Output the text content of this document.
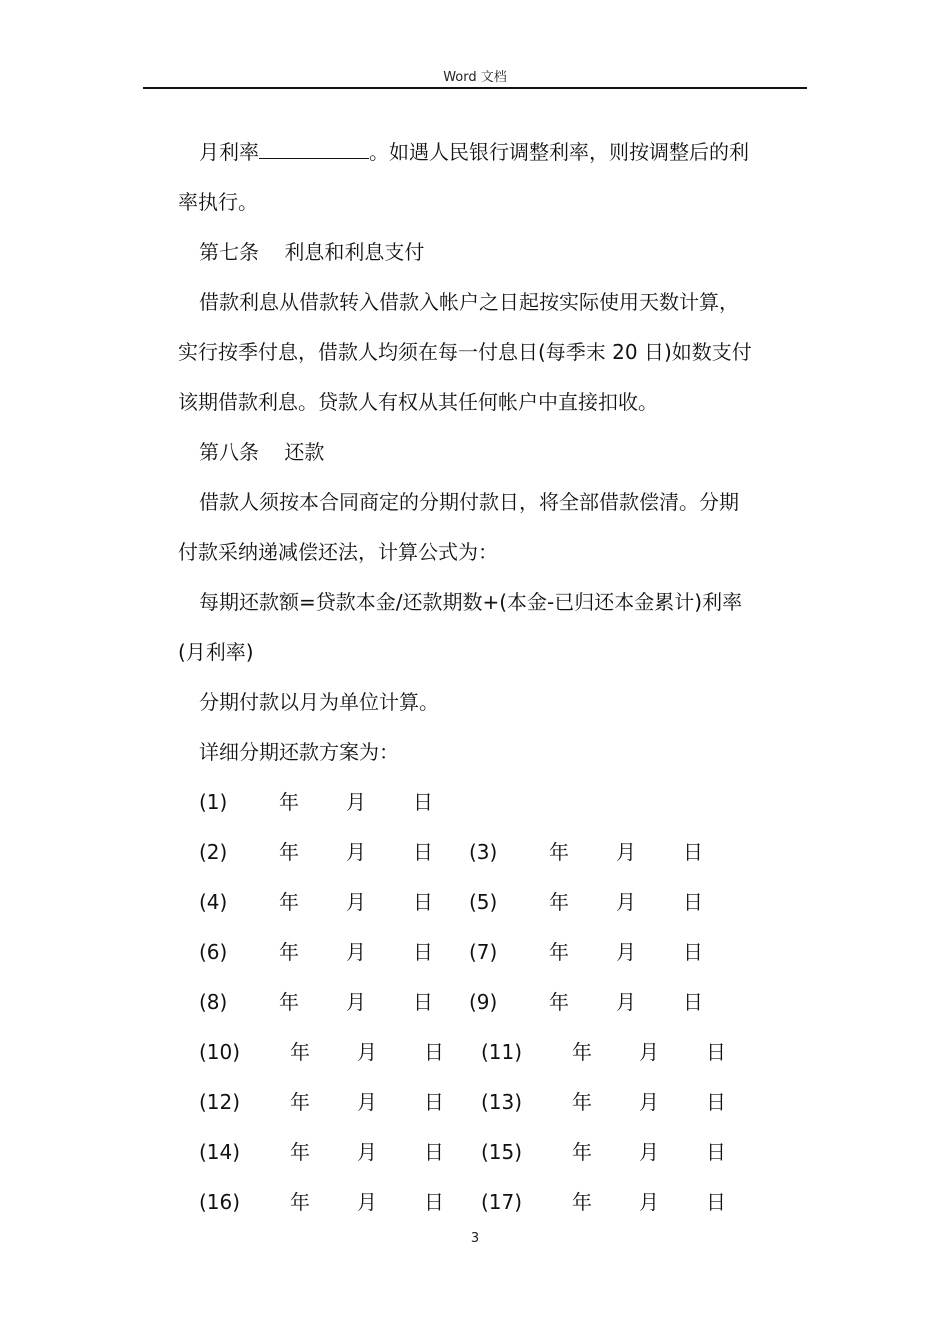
Word 文档

月利率	。如遇人民银行调整利率，则按调整后的利

率执行。

第七条    利息和利息支付

借款利息从借款转入借款入帐户之日起按实际使用天数计算，

实行按季付息，借款人均须在每一付息日(每季末 20 日)如数支付

该期借款利息。贷款人有权从其任何帐户中直接扣收。

第八条    还款

借款人须按本合同商定的分期付款日，将全部借款偿清。分期

付款采纳递减偿还法，计算公式为：

每期还款额=贷款本金/还款期数+(本金-已归还本金累计)利率

(月利率)

分期付款以月为单位计算。

详细分期还款方案为：

(1)	年 月 日
(2)	年 月 日 (3)	年 月 日
(4)	年 月 日 (5)	年 月 日
(6)	年 月 日 (7)	年 月 日
(8)	年 月 日 (9)	年 月 日
(10) 年 月 日 (11) 年 月 日
(12) 年 月 日 (13) 年 月 日
(14) 年 月 日 (15) 年 月 日
(16) 年 月 日 (17) 年 月 日
3
